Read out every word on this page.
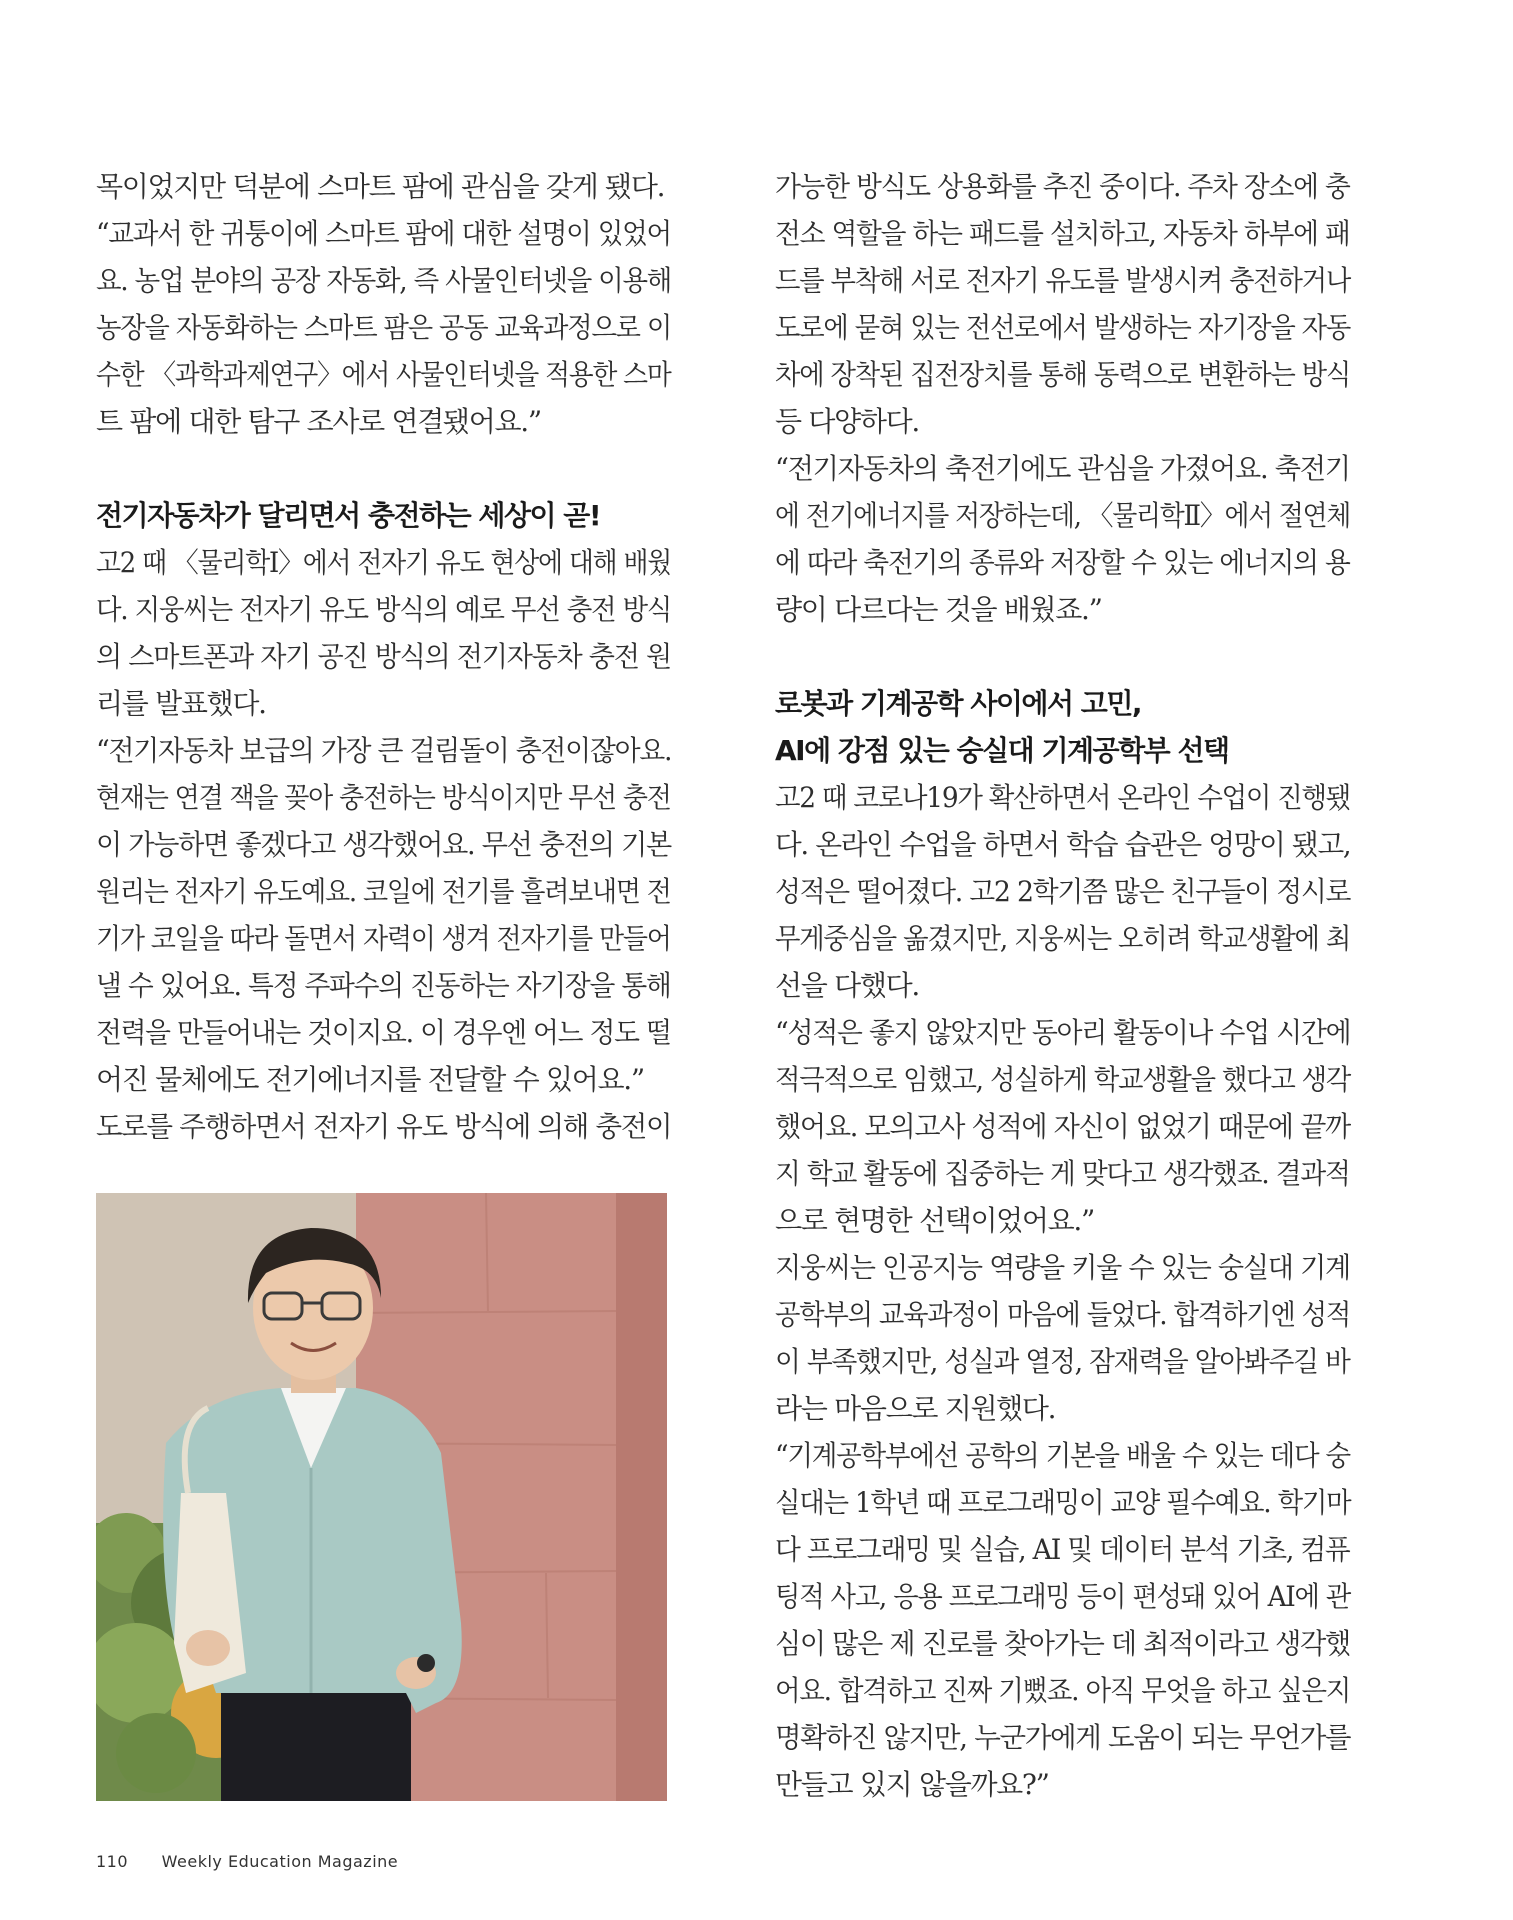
목이었지만 덕분에 스마트 팜에 관심을 갖게 됐다.
“교과서 한 귀퉁이에 스마트 팜에 대한 설명이 있었어
요. 농업 분야의 공장 자동화, 즉 사물인터넷을 이용해
농장을 자동화하는 스마트 팜은 공동 교육과정으로 이
수한 〈과학과제연구〉에서 사물인터넷을 적용한 스마
트 팜에 대한 탐구 조사로 연결됐어요.”
전기자동차가 달리면서 충전하는 세상이 곧!
고2 때 〈물리학Ⅰ〉에서 전자기 유도 현상에 대해 배웠
다. 지웅씨는 전자기 유도 방식의 예로 무선 충전 방식
의 스마트폰과 자기 공진 방식의 전기자동차 충전 원
리를 발표했다.
“전기자동차 보급의 가장 큰 걸림돌이 충전이잖아요.
현재는 연결 잭을 꽂아 충전하는 방식이지만 무선 충전
이 가능하면 좋겠다고 생각했어요. 무선 충전의 기본
원리는 전자기 유도예요. 코일에 전기를 흘려보내면 전
기가 코일을 따라 돌면서 자력이 생겨 전자기를 만들어
낼 수 있어요. 특정 주파수의 진동하는 자기장을 통해
전력을 만들어내는 것이지요. 이 경우엔 어느 정도 떨
어진 물체에도 전기에너지를 전달할 수 있어요.”
도로를 주행하면서 전자기 유도 방식에 의해 충전이
가능한 방식도 상용화를 추진 중이다. 주차 장소에 충
전소 역할을 하는 패드를 설치하고, 자동차 하부에 패
드를 부착해 서로 전자기 유도를 발생시켜 충전하거나
도로에 묻혀 있는 전선로에서 발생하는 자기장을 자동
차에 장착된 집전장치를 통해 동력으로 변환하는 방식
등 다양하다.
“전기자동차의 축전기에도 관심을 가졌어요. 축전기
에 전기에너지를 저장하는데, 〈물리학Ⅱ〉에서 절연체
에 따라 축전기의 종류와 저장할 수 있는 에너지의 용
량이 다르다는 것을 배웠죠.”
로봇과 기계공학 사이에서 고민,
AI에 강점 있는 숭실대 기계공학부 선택
고2 때 코로나19가 확산하면서 온라인 수업이 진행됐
다. 온라인 수업을 하면서 학습 습관은 엉망이 됐고,
성적은 떨어졌다. 고2 2학기쯤 많은 친구들이 정시로
무게중심을 옮겼지만, 지웅씨는 오히려 학교생활에 최
선을 다했다.
“성적은 좋지 않았지만 동아리 활동이나 수업 시간에
적극적으로 임했고, 성실하게 학교생활을 했다고 생각
했어요. 모의고사 성적에 자신이 없었기 때문에 끝까
지 학교 활동에 집중하는 게 맞다고 생각했죠. 결과적
으로 현명한 선택이었어요.”
지웅씨는 인공지능 역량을 키울 수 있는 숭실대 기계
공학부의 교육과정이 마음에 들었다. 합격하기엔 성적
이 부족했지만, 성실과 열정, 잠재력을 알아봐주길 바
라는 마음으로 지원했다.
“기계공학부에선 공학의 기본을 배울 수 있는 데다 숭
실대는 1학년 때 프로그래밍이 교양 필수예요. 학기마
다 프로그래밍 및 실습, AI 및 데이터 분석 기초, 컴퓨
팅적 사고, 응용 프로그래밍 등이 편성돼 있어 AI에 관
심이 많은 제 진로를 찾아가는 데 최적이라고 생각했
어요. 합격하고 진짜 기뻤죠. 아직 무엇을 하고 싶은지
명확하진 않지만, 누군가에게 도움이 되는 무언가를
만들고 있지 않을까요?”
110 Weekly Education Magazine
